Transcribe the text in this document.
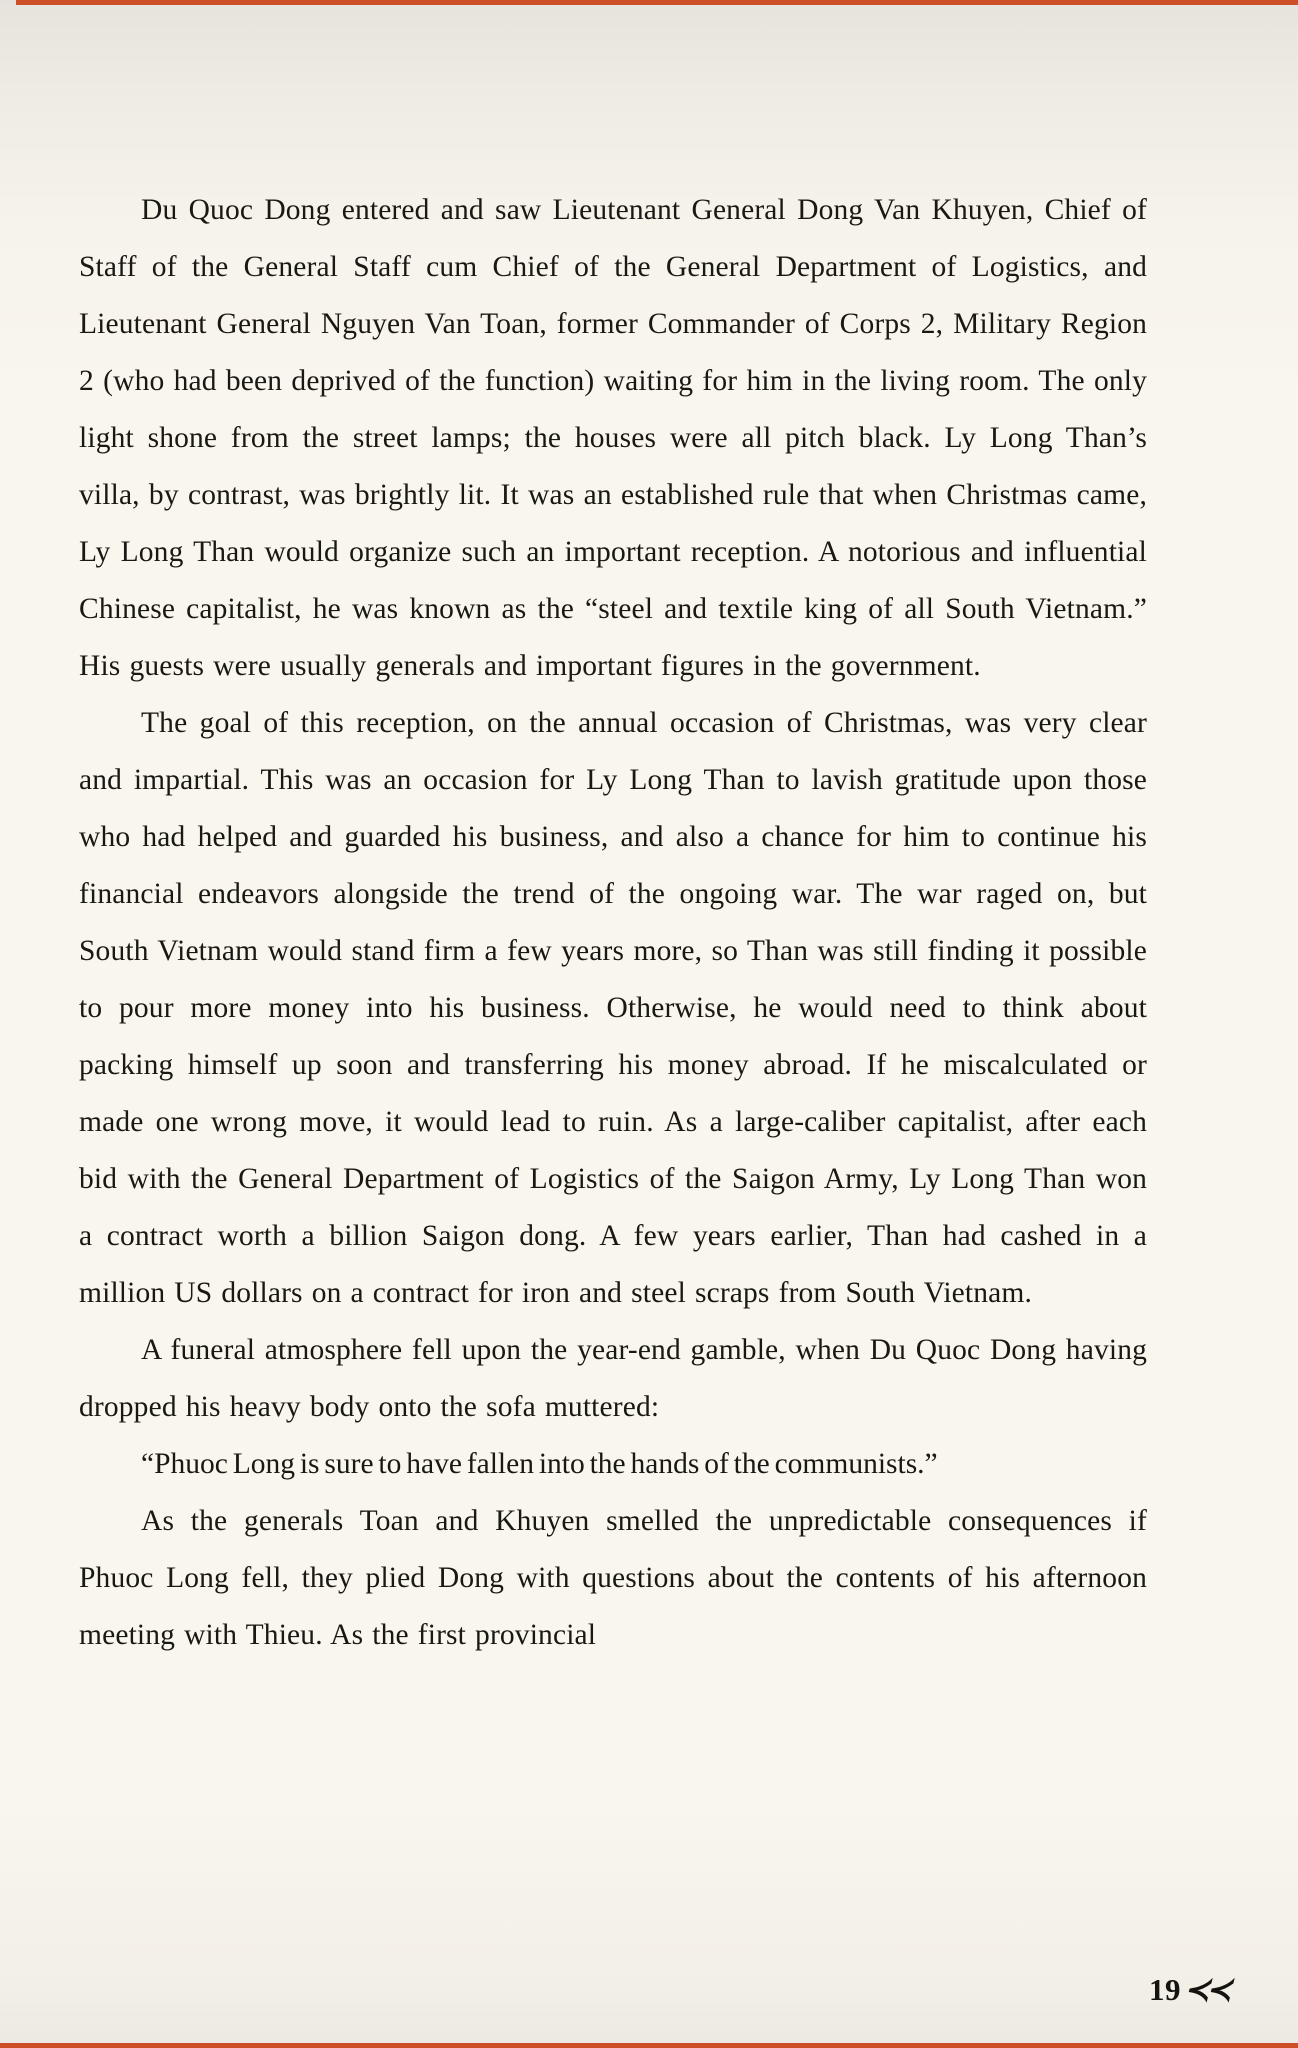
Du Quoc Dong entered and saw Lieutenant General Dong Van Khuyen, Chief of Staff of the General Staff cum Chief of the General Department of Logistics, and Lieutenant General Nguyen Van Toan, former Commander of Corps 2, Military Region 2 (who had been deprived of the function) waiting for him in the living room. The only light shone from the street lamps; the houses were all pitch black. Ly Long Than’s villa, by contrast, was brightly lit. It was an established rule that when Christmas came, Ly Long Than would organize such an important reception. A notorious and influential Chinese capitalist, he was known as the “steel and textile king of all South Vietnam.” His guests were usually generals and important figures in the government.

The goal of this reception, on the annual occasion of Christmas, was very clear and impartial. This was an occasion for Ly Long Than to lavish gratitude upon those who had helped and guarded his business, and also a chance for him to continue his financial endeavors alongside the trend of the ongoing war. The war raged on, but South Vietnam would stand firm a few years more, so Than was still finding it possible to pour more money into his business. Otherwise, he would need to think about packing himself up soon and transferring his money abroad. If he miscalculated or made one wrong move, it would lead to ruin. As a large-caliber capitalist, after each bid with the General Department of Logistics of the Saigon Army, Ly Long Than won a contract worth a billion Saigon dong. A few years earlier, Than had cashed in a million US dollars on a contract for iron and steel scraps from South Vietnam.

A funeral atmosphere fell upon the year-end gamble, when Du Quoc Dong having dropped his heavy body onto the sofa muttered:

“Phuoc Long is sure to have fallen into the hands of the communists.”

As the generals Toan and Khuyen smelled the unpredictable consequences if Phuoc Long fell, they plied Dong with questions about the contents of his afternoon meeting with Thieu. As the first provincial

19≺≺
